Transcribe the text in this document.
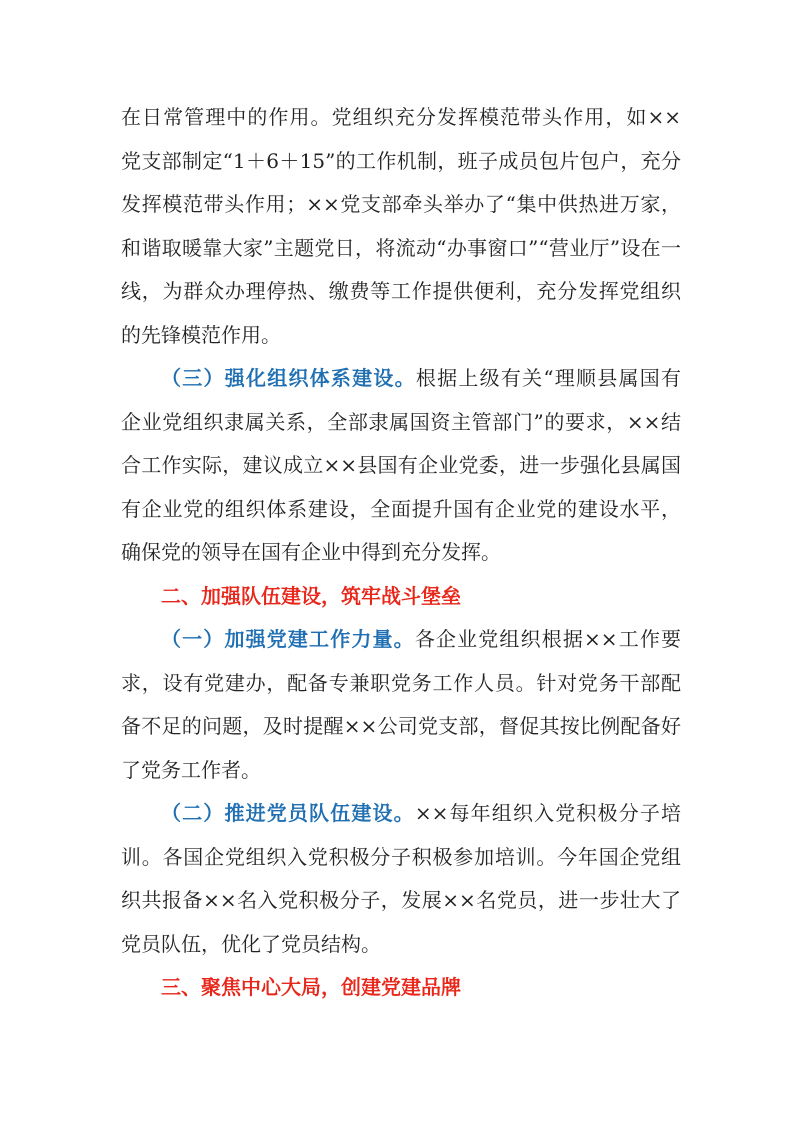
在日常管理中的作用。党组织充分发挥模范带头作用，如××
党支部制定“1＋6＋15”的工作机制，班子成员包片包户，充分
发挥模范带头作用；××党支部牵头举办了“集中供热进万家，
和谐取暖靠大家”主题党日，将流动“办事窗口”“营业厅”设在一
线，为群众办理停热、缴费等工作提供便利，充分发挥党组织
的先锋模范作用。
（三）强化组织体系建设。根据上级有关“理顺县属国有
企业党组织隶属关系，全部隶属国资主管部门”的要求，××结
合工作实际，建议成立××县国有企业党委，进一步强化县属国
有企业党的组织体系建设，全面提升国有企业党的建设水平，
确保党的领导在国有企业中得到充分发挥。
二、加强队伍建设，筑牢战斗堡垒
（一）加强党建工作力量。各企业党组织根据××工作要
求，设有党建办，配备专兼职党务工作人员。针对党务干部配
备不足的问题，及时提醒××公司党支部，督促其按比例配备好
了党务工作者。
（二）推进党员队伍建设。××每年组织入党积极分子培
训。各国企党组织入党积极分子积极参加培训。今年国企党组
织共报备××名入党积极分子，发展××名党员，进一步壮大了
党员队伍，优化了党员结构。
三、聚焦中心大局，创建党建品牌
